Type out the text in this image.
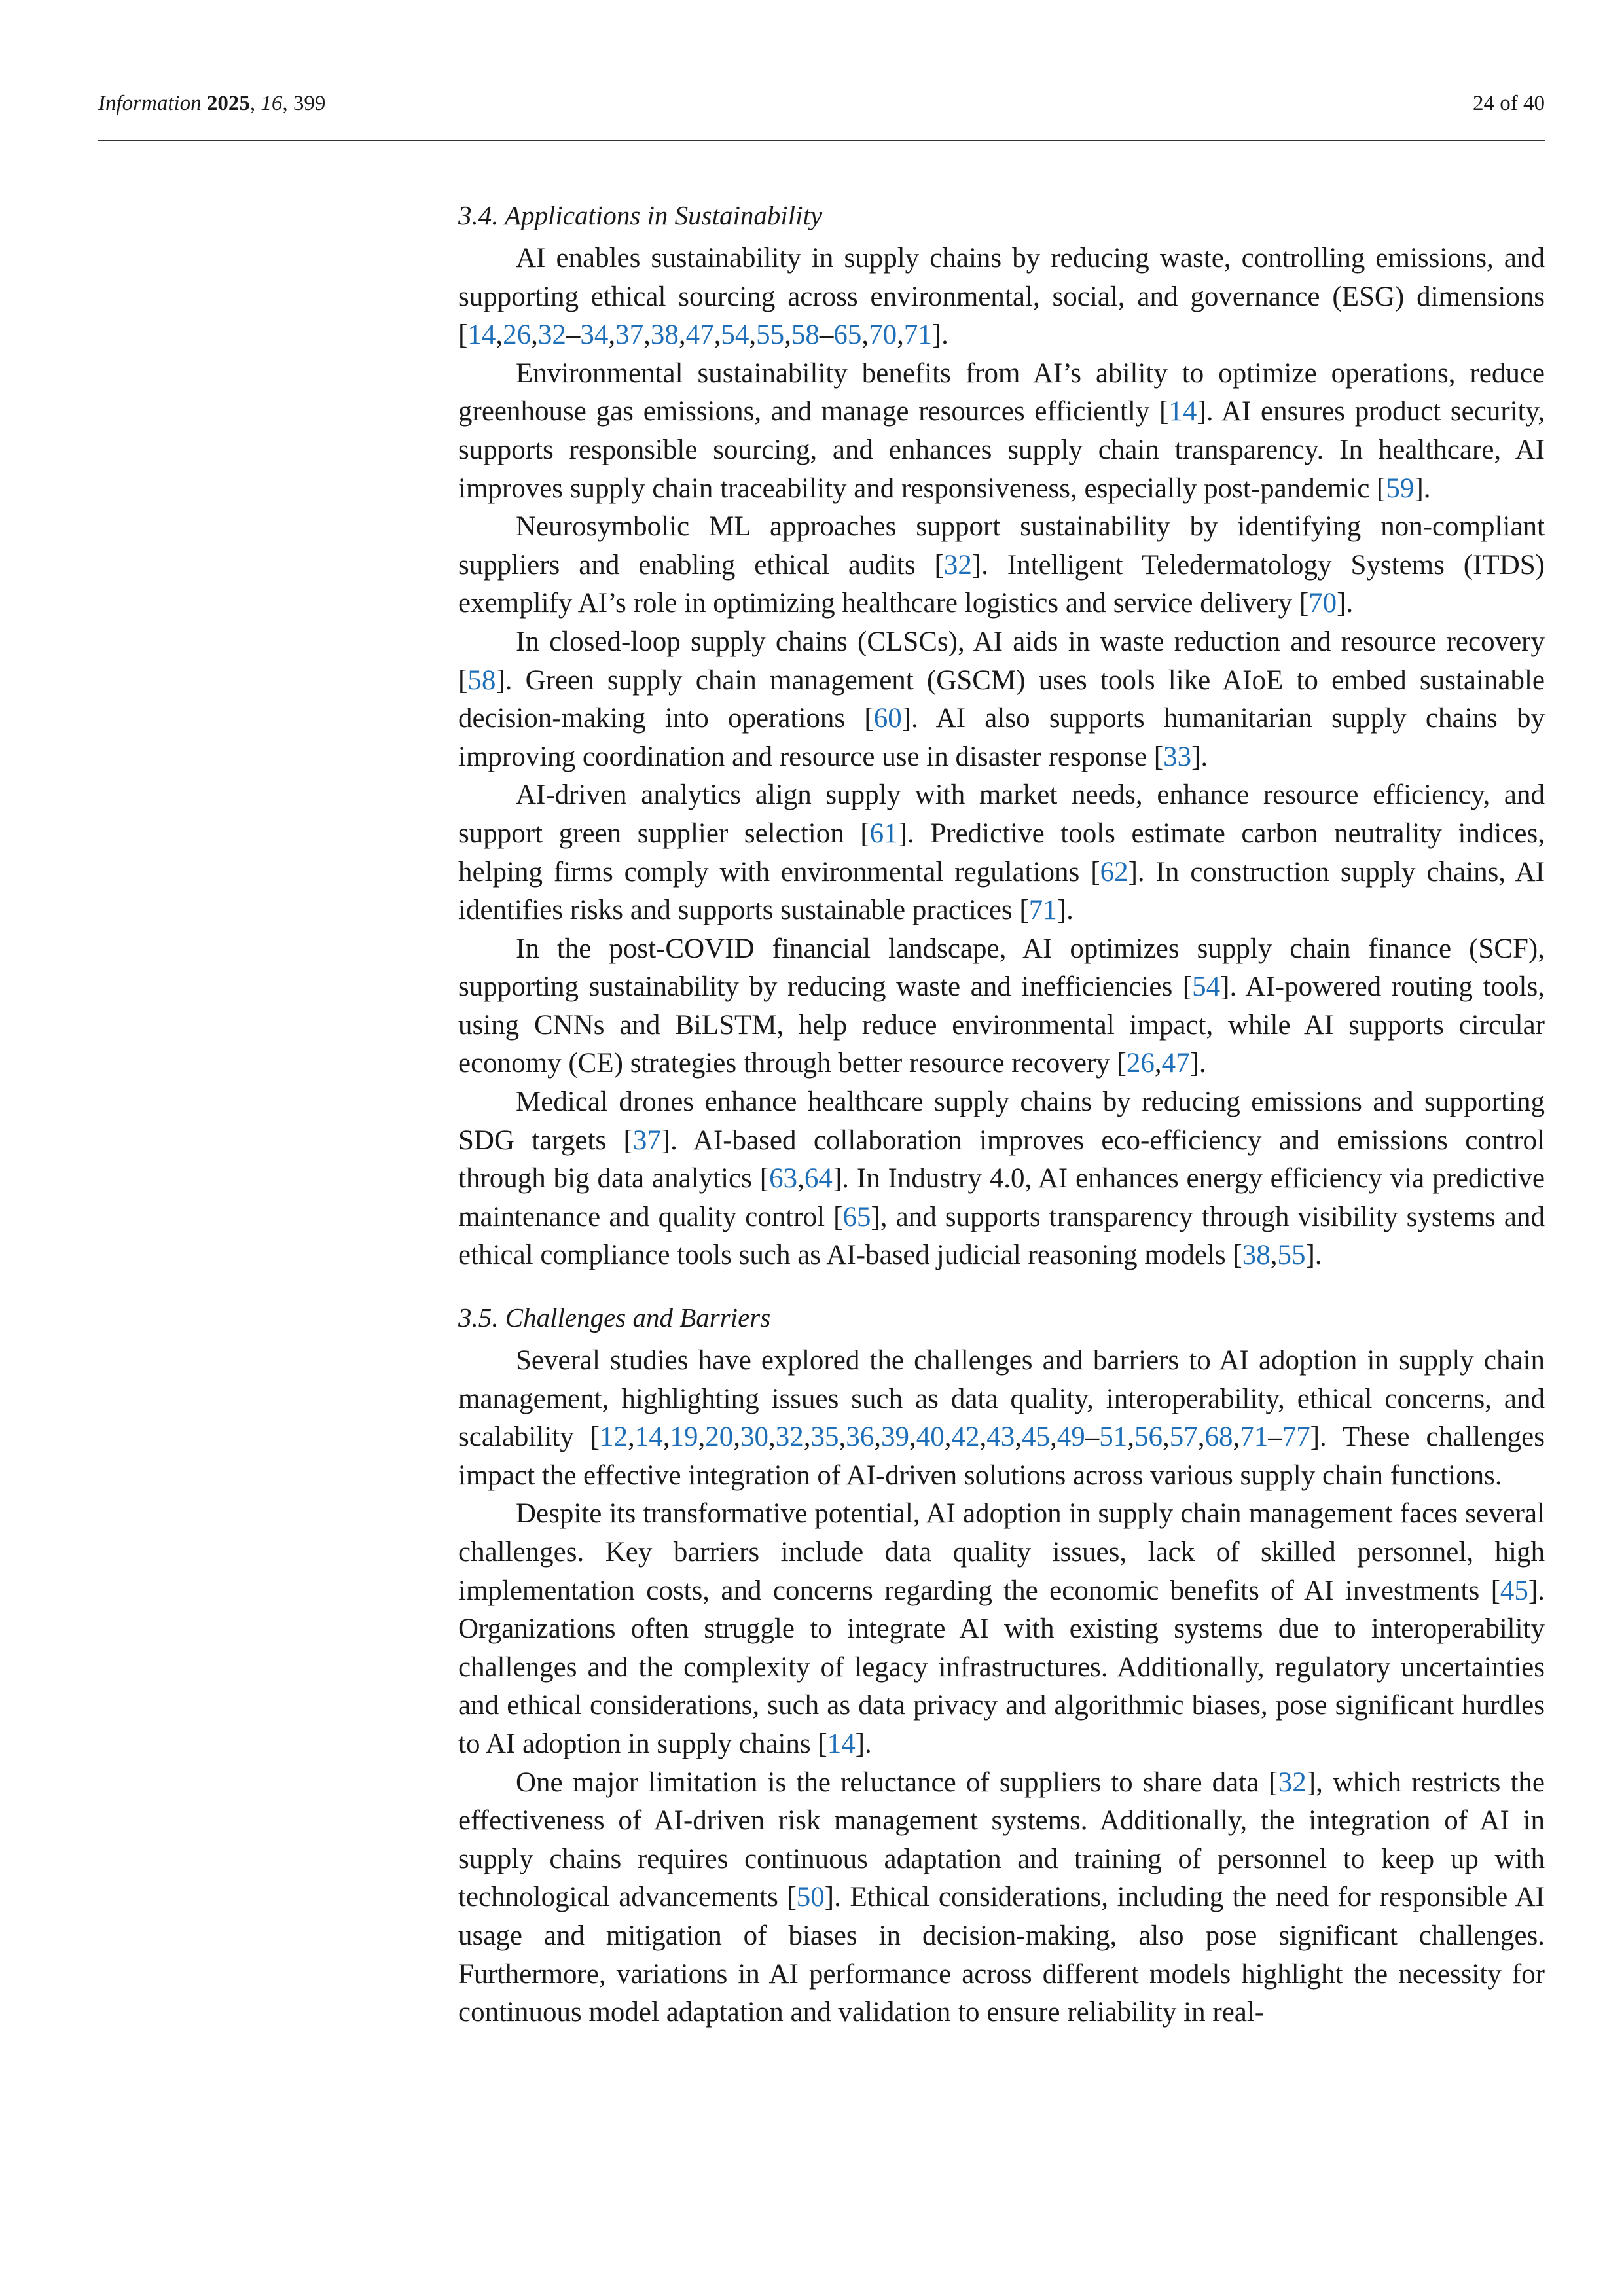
Information 2025, 16, 399	24 of 40
3.4. Applications in Sustainability

AI enables sustainability in supply chains by reducing waste, controlling emissions, and supporting ethical sourcing across environmental, social, and governance (ESG) dimensions [14,26,32–34,37,38,47,54,55,58–65,70,71].

Environmental sustainability benefits from AI’s ability to optimize operations, reduce greenhouse gas emissions, and manage resources efficiently [14]. AI ensures product security, supports responsible sourcing, and enhances supply chain transparency. In healthcare, AI improves supply chain traceability and responsiveness, especially post-pandemic [59].

Neurosymbolic ML approaches support sustainability by identifying non-compliant suppliers and enabling ethical audits [32]. Intelligent Teledermatology Systems (ITDS) exemplify AI’s role in optimizing healthcare logistics and service delivery [70].

In closed-loop supply chains (CLSCs), AI aids in waste reduction and resource recovery [58]. Green supply chain management (GSCM) uses tools like AIoE to embed sustainable decision-making into operations [60]. AI also supports humanitarian supply chains by improving coordination and resource use in disaster response [33].

AI-driven analytics align supply with market needs, enhance resource efficiency, and support green supplier selection [61]. Predictive tools estimate carbon neutrality indices, helping firms comply with environmental regulations [62]. In construction supply chains, AI identifies risks and supports sustainable practices [71].

In the post-COVID financial landscape, AI optimizes supply chain finance (SCF), supporting sustainability by reducing waste and inefficiencies [54]. AI-powered routing tools, using CNNs and BiLSTM, help reduce environmental impact, while AI supports circular economy (CE) strategies through better resource recovery [26,47].

Medical drones enhance healthcare supply chains by reducing emissions and supporting SDG targets [37]. AI-based collaboration improves eco-efficiency and emissions control through big data analytics [63,64]. In Industry 4.0, AI enhances energy efficiency via predictive maintenance and quality control [65], and supports transparency through visibility systems and ethical compliance tools such as AI-based judicial reasoning models [38,55].

3.5. Challenges and Barriers

Several studies have explored the challenges and barriers to AI adoption in supply chain management, highlighting issues such as data quality, interoperability, ethical concerns, and scalability [12,14,19,20,30,32,35,36,39,40,42,43,45,49–51,56,57,68,71–77]. These challenges impact the effective integration of AI-driven solutions across various supply chain functions.

Despite its transformative potential, AI adoption in supply chain management faces several challenges. Key barriers include data quality issues, lack of skilled personnel, high implementation costs, and concerns regarding the economic benefits of AI investments [45]. Organizations often struggle to integrate AI with existing systems due to interoperability challenges and the complexity of legacy infrastructures. Additionally, regulatory uncertainties and ethical considerations, such as data privacy and algorithmic biases, pose significant hurdles to AI adoption in supply chains [14].

One major limitation is the reluctance of suppliers to share data [32], which restricts the effectiveness of AI-driven risk management systems. Additionally, the integration of AI in supply chains requires continuous adaptation and training of personnel to keep up with technological advancements [50]. Ethical considerations, including the need for responsible AI usage and mitigation of biases in decision-making, also pose significant challenges. Furthermore, variations in AI performance across different models highlight the necessity for continuous model adaptation and validation to ensure reliability in real-
